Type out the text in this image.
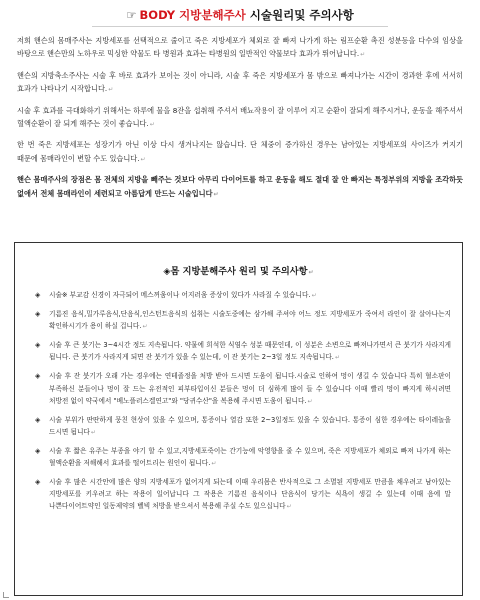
☞ BODY 지방분해주사 시술원리및 주의사항

저희 핸슨의 몸매주사는 지방세포를 선택적으로 줄이고 죽은 지방세포가 체외로 잘 빠져 나가게 하는 림프순환 촉진 성분등을 다수의 임상을 바탕으로 핸슨만의 노하우로 믹싱한 약물도 타 병원과 효과는 타병원의 일반적인 약물보다 효과가 뛰어납니다.↵

핸슨의 지방축소주사는 시술 후 바로 효과가 보이는 것이 아니라, 시술 후 죽은 지방세포가 몸 밖으로 빠져나가는 시간이 경과한 후에 서서히 효과가 나타나기 시작합니다.↵

시술 후 효과를 극대화하기 위해서는 하루에 물을 8잔을 섭취해 주셔서 배뇨작용이 잘 이루어 지고 순환이 잘되게 해주시거나, 운동을 해주셔서 혈액순환이 잘 되게 해주는 것이 좋습니다.↵

한 번 죽은 지방세포는 성장기가 아닌 이상 다시 생겨나지는 않습니다. 단 체중이 증가하신 경우는 남아있는 지방세포의 사이즈가 커지기 때문에 몸매라인이 변할 수도 있습니다.↵

핸슨 몸매주사의 장점은 몸 전체의 지방을 빼주는 것보다 아무리 다이어트를 하고 운동을 해도 절대 잘 안 빠지는 특정부위의 지방을 조각하듯 없애서 전체 몸매라인이 세련되고 아름답게 만드는 시술입니다↵

◈몸 지방분해주사 원리 및 주의사항↵
◈ 시술※ 부교감 신경이 자극되어 메스꺼움이나 어지러움 증상이 있다가 사라질 수 있습니다.↵
◈ 기름진 음식,밀가루음식,단음식,인스턴트음식의 섭취는 시술도중에는 삼가해 주셔야 어느 정도 지방세포가 죽여서 라인이 잘 살아나는지 확인하시기가 용이 하실 겁니다.↵
◈ 시술 후 큰 붓기는 3~4시간 정도 지속됩니다. 약물에 희석한 식염수 성분 때문인데, 이 성분은 소변으로 빠져나가면서 큰 붓기가 사라지게 됩니다. 큰 붓기가 사라지게 되면 잔 붓기가 있을 수 있는데, 이 잔 붓기는 2~3일 정도 지속됩니다.↵
◈ 시술 후 잔 붓기가 오래 가는 경우에는 연테졸정을 처방 받아 드시면 도움이 됩니다.시술로 인하여 멍이 생길 수 있습니다 특히 혈소판이 부족하신 분들이나 멍이 잘 드는 유전적인 피부타입이신 분들은 멍이 더 심하게 많이 들 수 있습니다 이때 빨리 멍이 빠지게 하시려면 처방전 없이 약국에서 "베노플러스겔연고"와 "당귀수산"을 복용해 주시면 도움이 됩니다.↵
◈ 시술 부위가 딴딴하게 뭉친 현상이 있을 수 있으며, 통증이나 열감 또한 2~3일정도 있을 수 있습니다. 통증이 심한 경우에는 타이레놀을 드시면 됩니다↵
◈ 시술 후 짧은 유주는 부종을 야기 할 수 있고,지방세포죽이는 간기능에 악영향을 줄 수 있으며, 죽은 지방세포가 체외로 빠져 나가게 하는 혈액순환을 저해해서 효과를 떨어트리는 원인이 됩니다.↵
◈ 시술 후 많은 시간안에 많은 양의 지방세포가 없어지게 되는데 이때 우리몸은 반사적으로 그 소멸된 지방세포 만큼을 채우려고 남아있는 지방세포를 키우려고 하는 작용이 일어납니다 그 작용은 기름진 음식이나 단음식이 당기는 식욕이 생길 수 있는데 이때 음에 말 나쁜다이어트약인 일동제약의 벨빅 처방을 받으셔서 복용해 주실 수도 있으십니다↵
